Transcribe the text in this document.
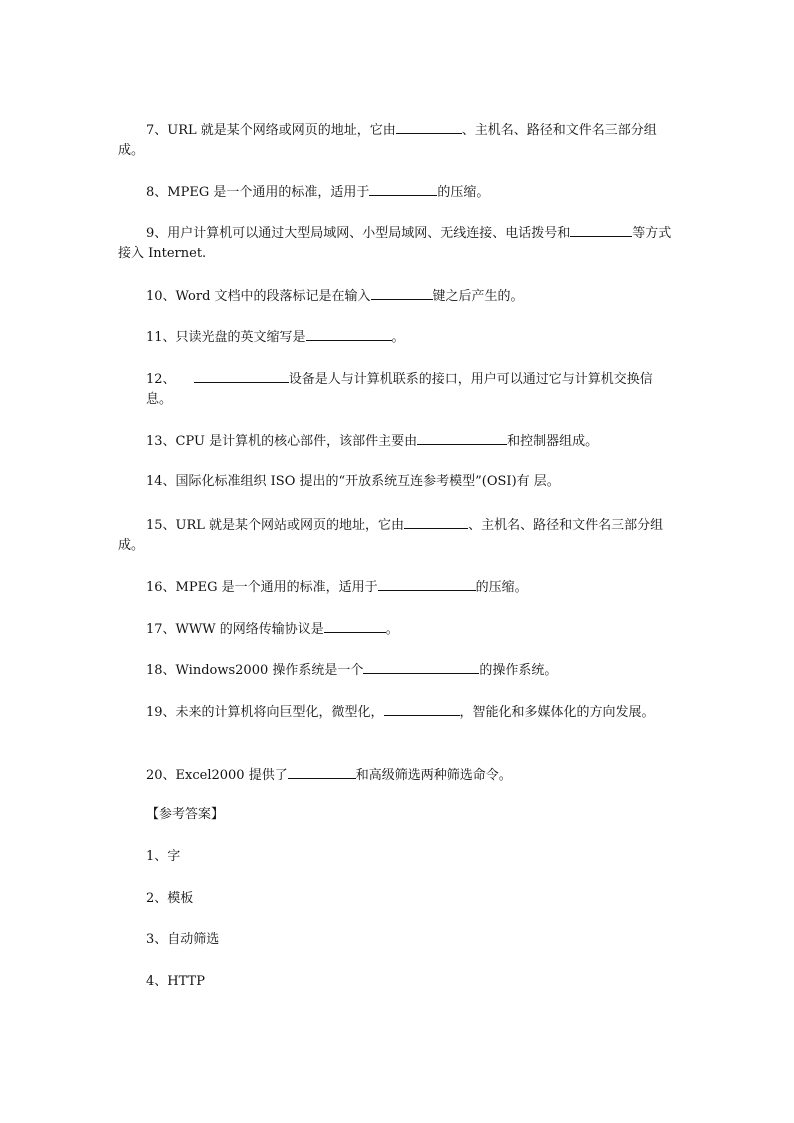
7、URL 就是某个网络或网页的地址，它由	、主机名、路径和文件名三部分组成。
8、MPEG 是一个通用的标准，适用于	的压缩。
9、用户计算机可以通过大型局域网、小型局域网、无线连接、电话拨号和	等方式接入 Internet.
10、Word 文档中的段落标记是在输入	键之后产生的。
11、只读光盘的英文缩写是	。
12、	设备是人与计算机联系的接口，用户可以通过它与计算机交换信息。
13、CPU 是计算机的核心部件，该部件主要由	和控制器组成。
14、国际化标准组织 ISO 提出的“开放系统互连参考模型”(OSI)有 层。
15、URL 就是某个网站或网页的地址，它由	、主机名、路径和文件名三部分组成。
16、MPEG 是一个通用的标准，适用于	的压缩。
17、WWW 的网络传输协议是	。
18、Windows2000 操作系统是一个	的操作系统。
19、未来的计算机将向巨型化，微型化，	，智能化和多媒体化的方向发展。
20、Excel2000 提供了	和高级筛选两种筛选命令。
【参考答案】
1、字
2、模板
3、自动筛选
4、HTTP
